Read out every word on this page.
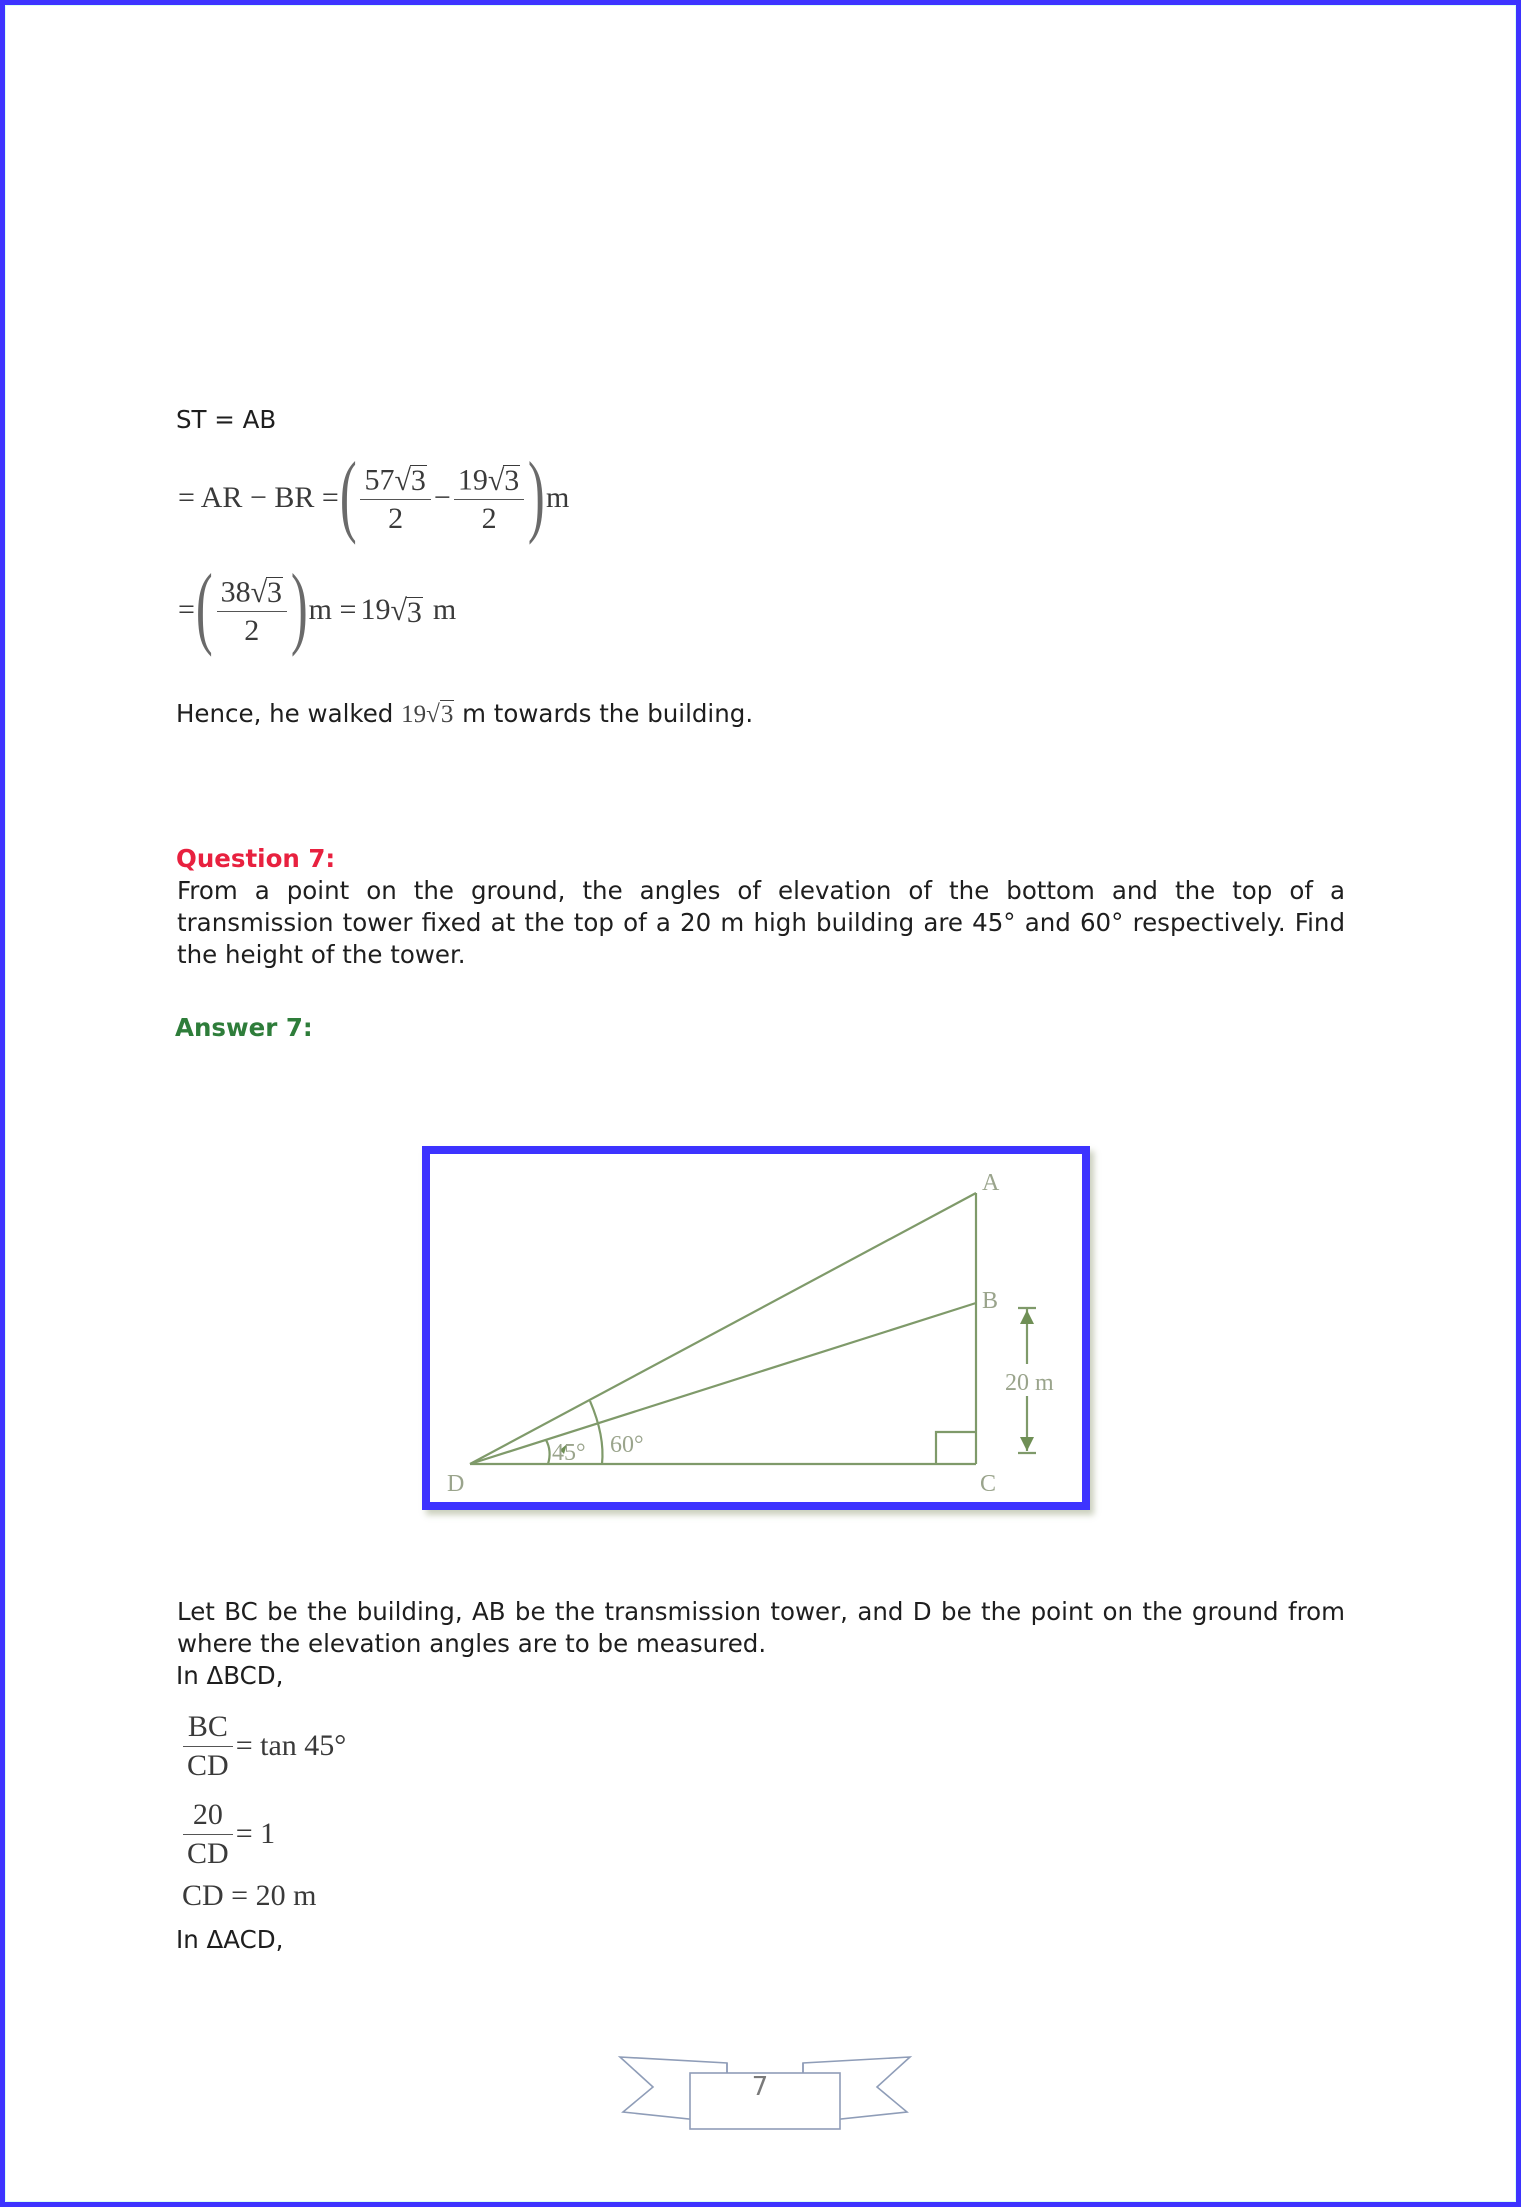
ST = AB
= AR − BR = ( $\frac{57 √ 3}{2} - \frac{19 √ 3}{2}$ ) m
= ( $\frac{38 √ 3}{2}$ ) m = 19 √ 3 m
Hence, he walked 19√3 m towards the building.
Question 7:
From a point on the ground, the angles of elevation of the bottom and the top of a transmission tower fixed at the top of a 20 m high building are 45° and 60° respectively. Find the height of the tower.
Answer 7:
A
B
C
D
45° 60°
20 m
Let BC be the building, AB be the transmission tower, and D be the point on the ground from where the elevation angles are to be measured.
In ΔBCD,
$\frac{BC}{CD} = \tan 45^\circ$
$\frac{20}{CD} = 1$
CD = 20 m
In ΔACD,
7
